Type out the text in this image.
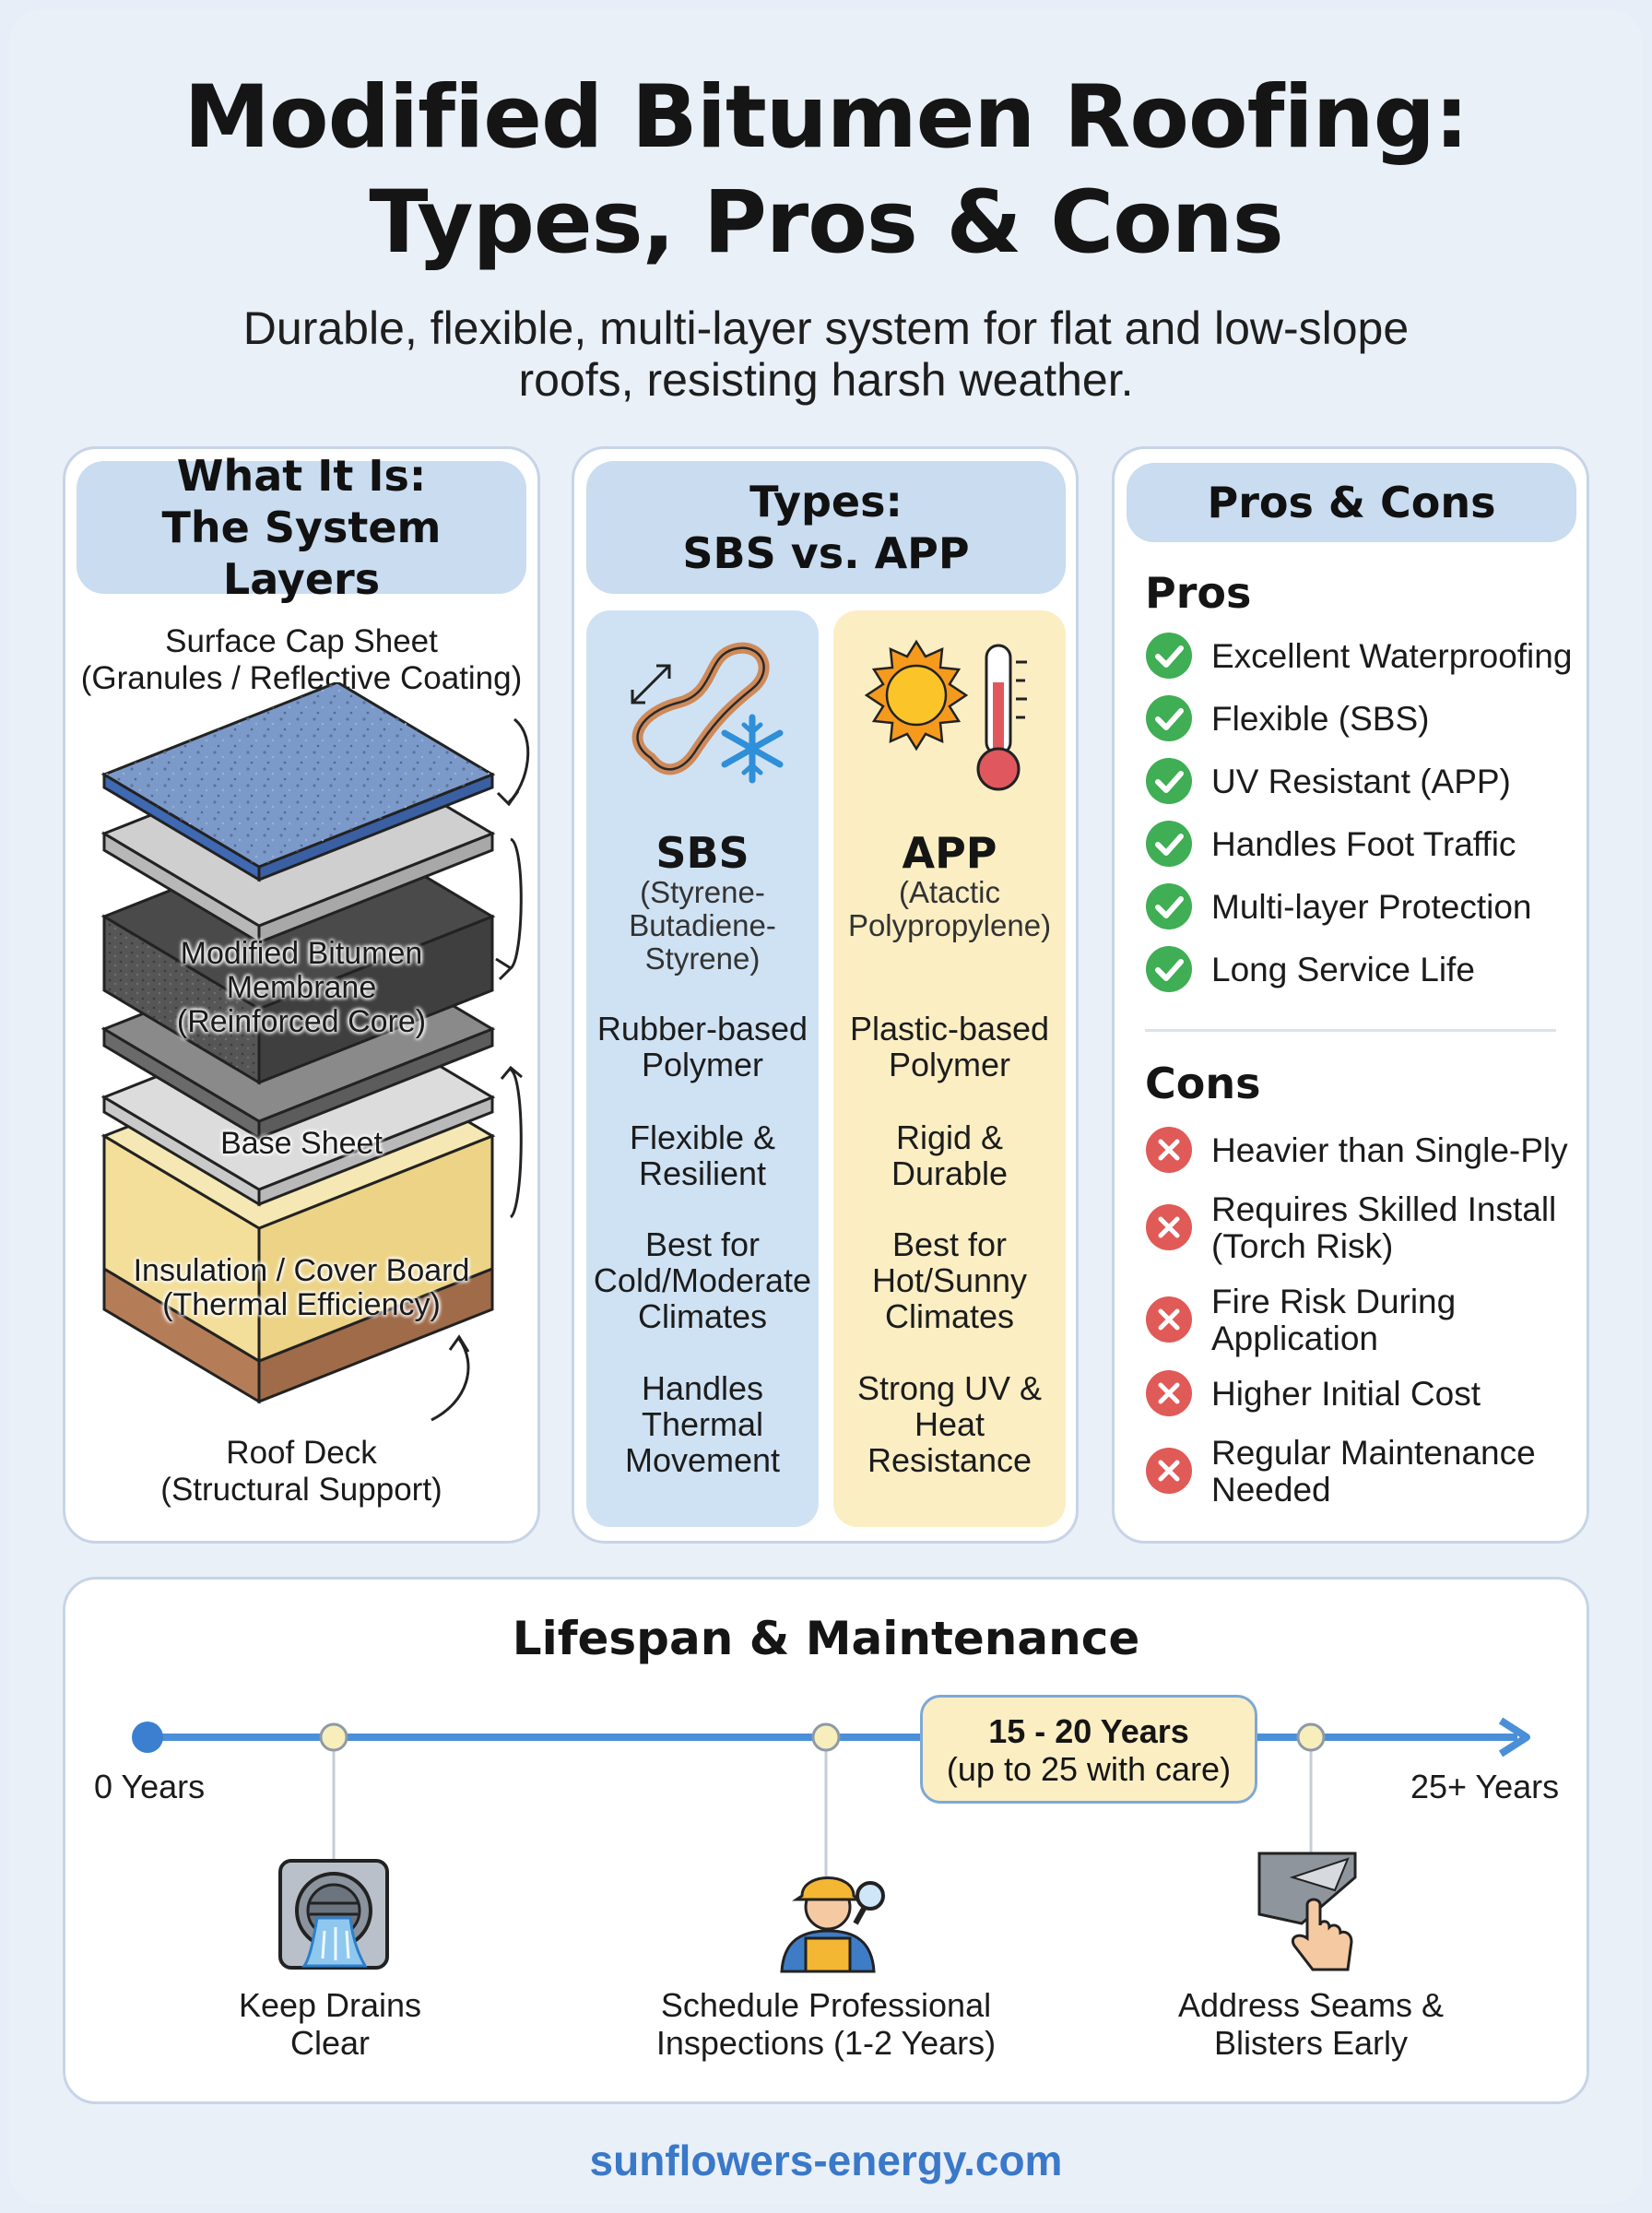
Modified Bitumen Roofing:
Types, Pros & Cons
Durable, flexible, multi-layer system for flat and low-slope
roofs, resisting harsh weather.
What It Is:
The System Layers
Surface Cap Sheet
(Granules / Reflective Coating)
Modified Bitumen
Membrane
(Reinforced Core)
Base Sheet
Insulation / Cover Board
(Thermal Efficiency)
Roof Deck
(Structural Support)
Types:
SBS vs. APP
SBS
(Styrene-
Butadiene-
Styrene)
Rubber-based
Polymer
Flexible &
Resilient
Best for
Cold/Moderate
Climates
Handles
Thermal
Movement
APP
(Atactic
Polypropylene)
Plastic-based
Polymer
Rigid &
Durable
Best for
Hot/Sunny
Climates
Strong UV &
Heat
Resistance
Pros & Cons
Pros
Excellent Waterproofing
Flexible (SBS)
UV Resistant (APP)
Handles Foot Traffic
Multi-layer Protection
Long Service Life
Cons
Heavier than Single-Ply
Requires Skilled Install
(Torch Risk)
Fire Risk During
Application
Higher Initial Cost
Regular Maintenance
Needed
Lifespan & Maintenance
0 Years	25+ Years
15 - 20 Years
(up to 25 with care)
Keep Drains
Clear
Schedule Professional
Inspections (1-2 Years)
Address Seams &
Blisters Early
sunflowers-energy.com
